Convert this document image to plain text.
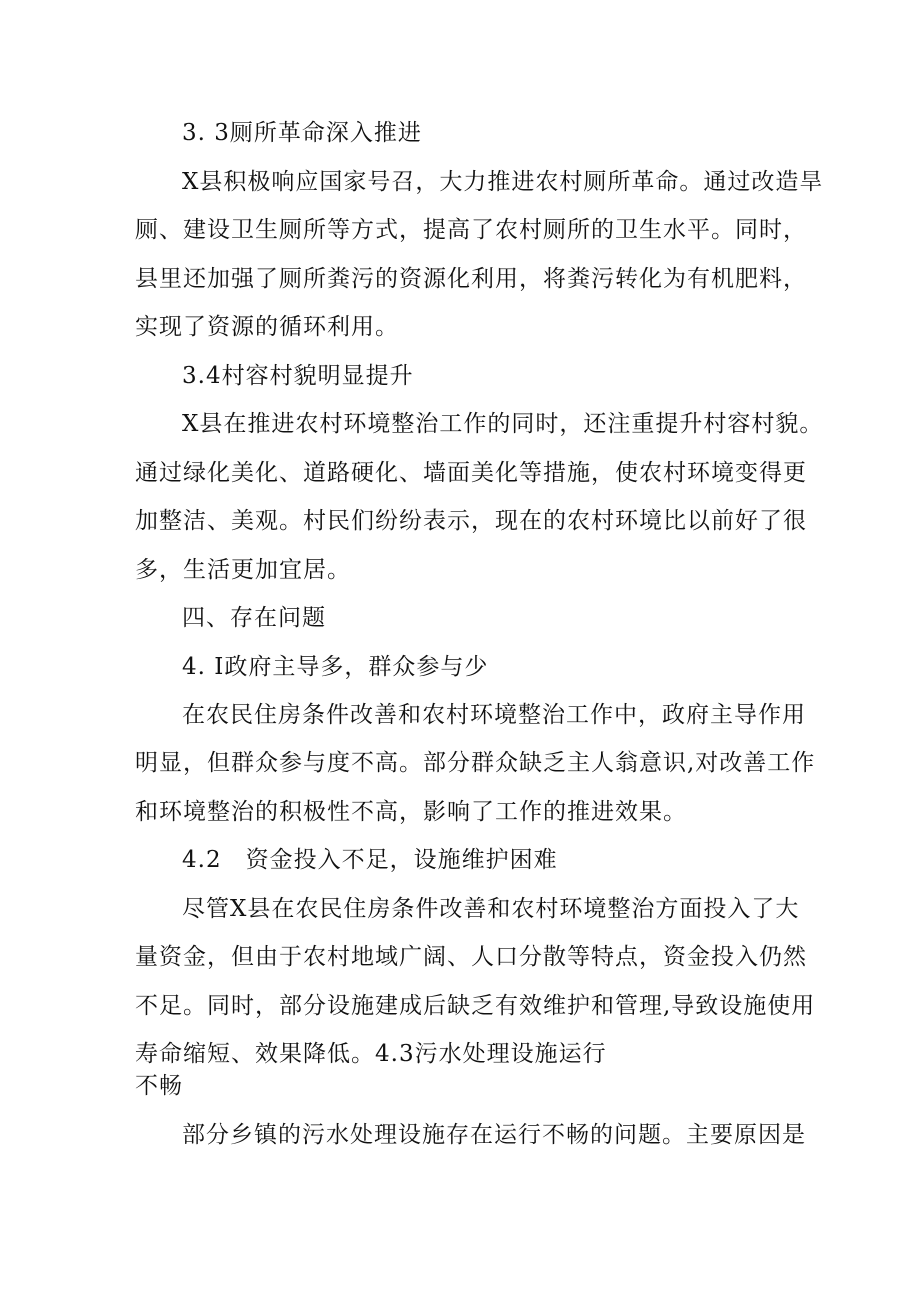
3. 3厕所革命深入推进
X县积极响应国家号召，大力推进农村厕所革命。通过改造旱
厕、建设卫生厕所等方式，提高了农村厕所的卫生水平。同时，
县里还加强了厕所粪污的资源化利用，将粪污转化为有机肥料，
实现了资源的循环利用。
3.4村容村貌明显提升
X县在推进农村环境整治工作的同时，还注重提升村容村貌。
通过绿化美化、道路硬化、墙面美化等措施，使农村环境变得更
加整洁、美观。村民们纷纷表示，现在的农村环境比以前好了很
多，生活更加宜居。
四、存在问题
4. I政府主导多，群众参与少
在农民住房条件改善和农村环境整治工作中，政府主导作用
明显，但群众参与度不高。部分群众缺乏主人翁意识,对改善工作
和环境整治的积极性不高，影响了工作的推进效果。
4.2　资金投入不足，设施维护困难
尽管X县在农民住房条件改善和农村环境整治方面投入了大
量资金，但由于农村地域广阔、人口分散等特点，资金投入仍然
不足。同时，部分设施建成后缺乏有效维护和管理,导致设施使用
寿命缩短、效果降低。4.3污水处理设施运行
不畅
部分乡镇的污水处理设施存在运行不畅的问题。主要原因是
